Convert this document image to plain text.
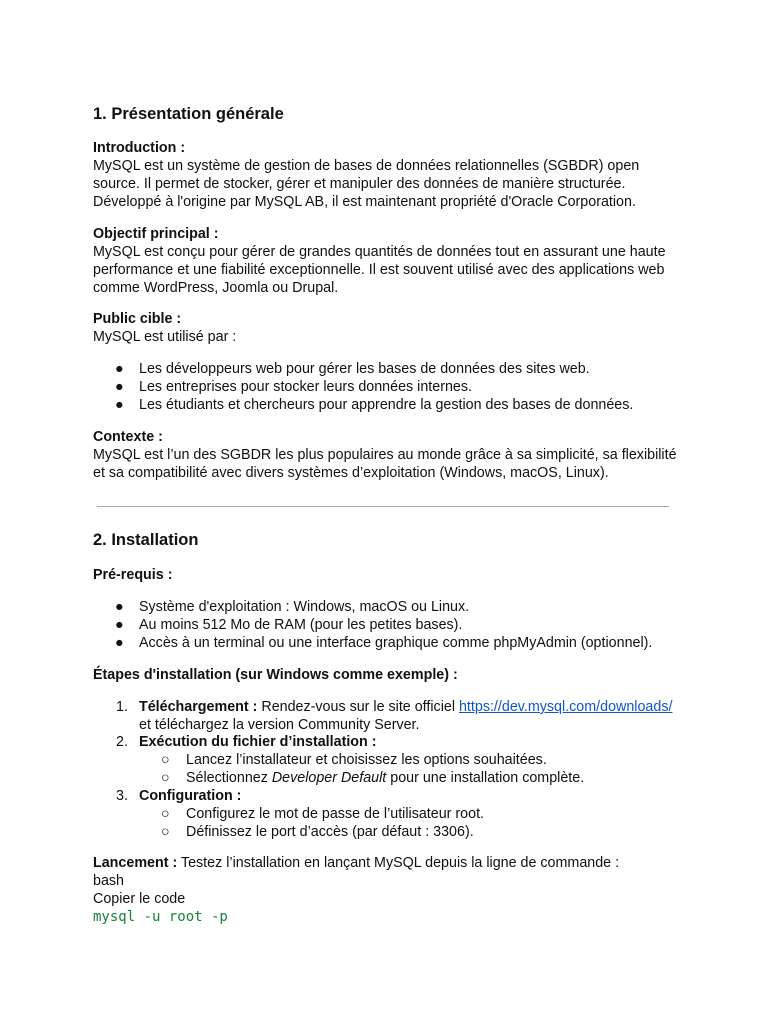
1. Présentation générale
Introduction :
MySQL est un système de gestion de bases de données relationnelles (SGBDR) open
source. Il permet de stocker, gérer et manipuler des données de manière structurée.
Développé à l'origine par MySQL AB, il est maintenant propriété d'Oracle Corporation.
Objectif principal :
MySQL est conçu pour gérer de grandes quantités de données tout en assurant une haute
performance et une fiabilité exceptionnelle. Il est souvent utilisé avec des applications web
comme WordPress, Joomla ou Drupal.
Public cible :
MySQL est utilisé par :
● Les développeurs web pour gérer les bases de données des sites web.
● Les entreprises pour stocker leurs données internes.
● Les étudiants et chercheurs pour apprendre la gestion des bases de données.
Contexte :
MySQL est l’un des SGBDR les plus populaires au monde grâce à sa simplicité, sa flexibilité
et sa compatibilité avec divers systèmes d’exploitation (Windows, macOS, Linux).
2. Installation
Pré-requis :
● Système d'exploitation : Windows, macOS ou Linux.
● Au moins 512 Mo de RAM (pour les petites bases).
● Accès à un terminal ou une interface graphique comme phpMyAdmin (optionnel).
Étapes d'installation (sur Windows comme exemple) :
1. Téléchargement : Rendez-vous sur le site officiel https://dev.mysql.com/downloads/
et téléchargez la version Community Server.
2. Exécution du fichier d’installation :
○ Lancez l’installateur et choisissez les options souhaitées.
○ Sélectionnez Developer Default pour une installation complète.
3. Configuration :
○ Configurez le mot de passe de l’utilisateur root.
○ Définissez le port d’accès (par défaut : 3306).
Lancement : Testez l’installation en lançant MySQL depuis la ligne de commande :
bash
Copier le code
mysql -u root -p
